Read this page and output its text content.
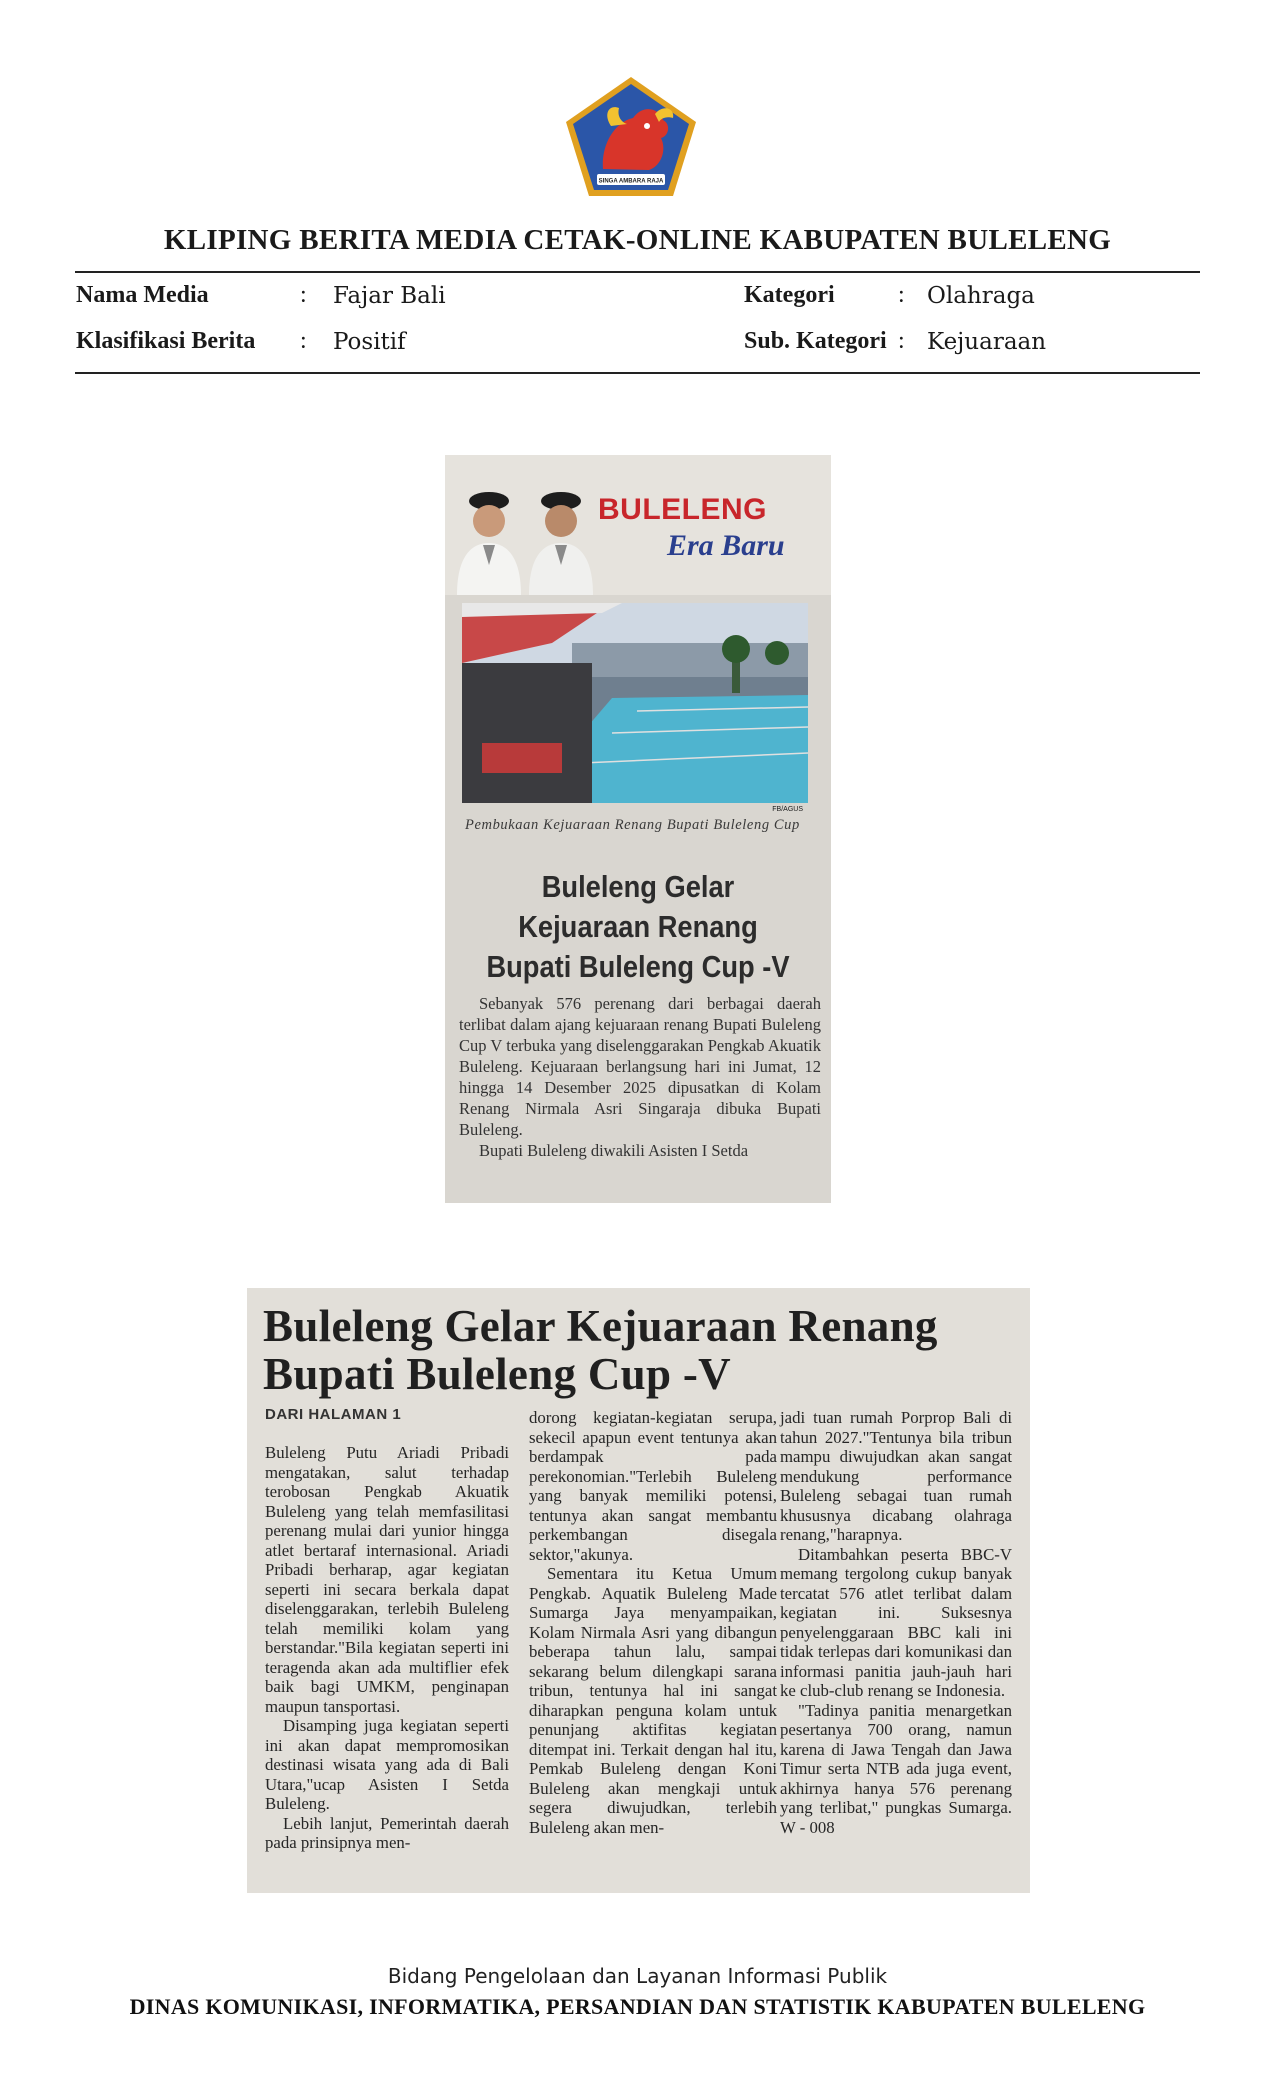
SINGA AMBARA RAJA
KLIPING BERITA MEDIA CETAK-ONLINE KABUPATEN BULELENG
Nama Media	: Fajar Bali
Klasifikasi Berita : Positif
Kategori	: Olahraga
Sub. Kategori : Kejuaraan
BULELENG
Era Baru
FB/AGUS
Pembukaan Kejuaraan Renang Bupati Buleleng Cup
Buleleng Gelar
Kejuaraan Renang
Bupati Buleleng Cup -V

Sebanyak 576 perenang dari berbagai daerah terlibat dalam ajang kejuaraan renang Bupati Buleleng Cup V terbuka yang diselenggarakan Pengkab Akuatik Buleleng. Kejuaraan berlangsung hari ini Jumat, 12 hingga 14 Desember 2025 dipusatkan di Kolam Renang Nirmala Asri Singaraja dibuka Bupati Buleleng.

Bupati Buleleng diwakili Asisten I Setda

Buleleng Gelar Kejuaraan Renang
Bupati Buleleng Cup -V
DARI HALAMAN 1

Buleleng Putu Ariadi Pribadi mengatakan, salut terhadap terobosan Pengkab Akuatik Buleleng yang telah memfasilitasi perenang mulai dari yunior hingga atlet bertaraf internasional. Ariadi Pribadi berharap, agar kegiatan seperti ini secara berkala dapat diselenggarakan, terlebih Buleleng telah memiliki kolam yang berstandar."Bila kegiatan seperti ini teragenda akan ada multiflier efek baik bagi UMKM, penginapan maupun tansportasi.

Disamping juga kegiatan seperti ini akan dapat mempromosikan destinasi wisata yang ada di Bali Utara,"ucap Asisten I Setda Buleleng.

Lebih lanjut, Pemerintah daerah pada prinsipnya men-

dorong kegiatan-kegiatan serupa, sekecil apapun event tentunya akan berdampak pada perekonomian."Terlebih Buleleng yang banyak memiliki potensi, tentunya akan sangat membantu perkembangan disegala sektor,"akunya.

Sementara itu Ketua Umum Pengkab. Aquatik Buleleng Made Sumarga Jaya menyampaikan, Kolam Nirmala Asri yang dibangun beberapa tahun lalu, sampai sekarang belum dilengkapi sarana tribun, tentunya hal ini sangat diharapkan penguna kolam untuk penunjang aktifitas kegiatan ditempat ini. Terkait dengan hal itu, Pemkab Buleleng dengan Koni Buleleng akan mengkaji untuk segera diwujudkan, terlebih Buleleng akan men-

jadi tuan rumah Porprop Bali di tahun 2027."Tentunya bila tribun mampu diwujudkan akan sangat mendukung performance Buleleng sebagai tuan rumah khususnya dicabang olahraga renang,"harapnya.

Ditambahkan peserta BBC-V memang tergolong cukup banyak tercatat 576 atlet terlibat dalam kegiatan ini. Suksesnya penyelenggaraan BBC kali ini tidak terlepas dari komunikasi dan informasi panitia jauh-jauh hari ke club-club renang se Indonesia.

"Tadinya panitia menargetkan pesertanya 700 orang, namun karena di Jawa Tengah dan Jawa Timur serta NTB ada juga event, akhirnya hanya 576 perenang yang terlibat," pungkas Sumarga. W - 008

Bidang Pengelolaan dan Layanan Informasi Publik
DINAS KOMUNIKASI, INFORMATIKA, PERSANDIAN DAN STATISTIK KABUPATEN BULELENG
